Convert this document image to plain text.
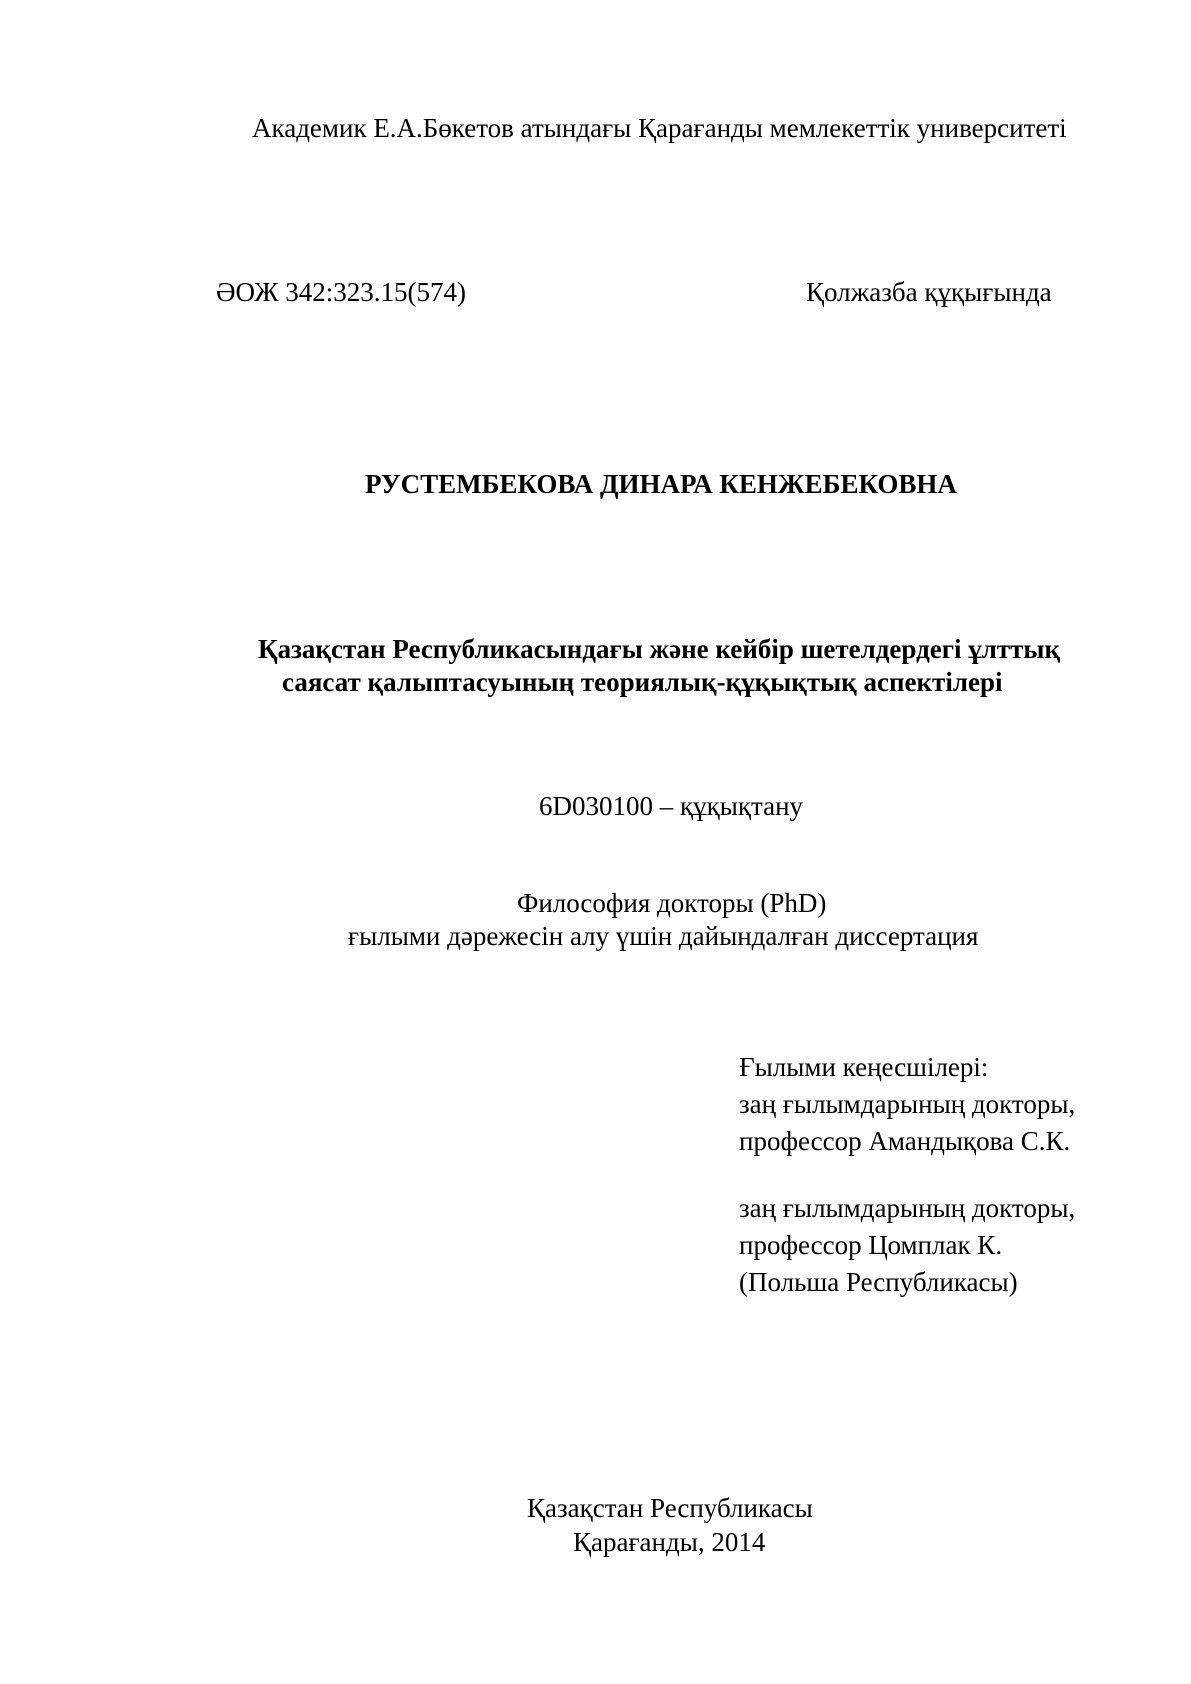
Академик Е.А.Бөкетов атындағы Қарағанды мемлекеттік университеті
ӘОЖ 342:323.15(574)	Қолжазба құқығында
РУСТЕМБЕКОВА ДИНАРА КЕНЖЕБЕКОВНА
Қазақстан Республикасындағы және кейбір шетелдердегі ұлттық
саясат қалыптасуының теориялық-құқықтық аспектілері
6D030100 – құқықтану
Философия докторы (PhD)
ғылыми дәрежесін алу үшін дайындалған диссертация
Ғылыми кеңесшілері:
заң ғылымдарының докторы,
профессор Амандықова С.К.
заң ғылымдарының докторы,
профессор Цомплак К.
(Польша Республикасы)
Қазақстан Республикасы
Қарағанды, 2014
